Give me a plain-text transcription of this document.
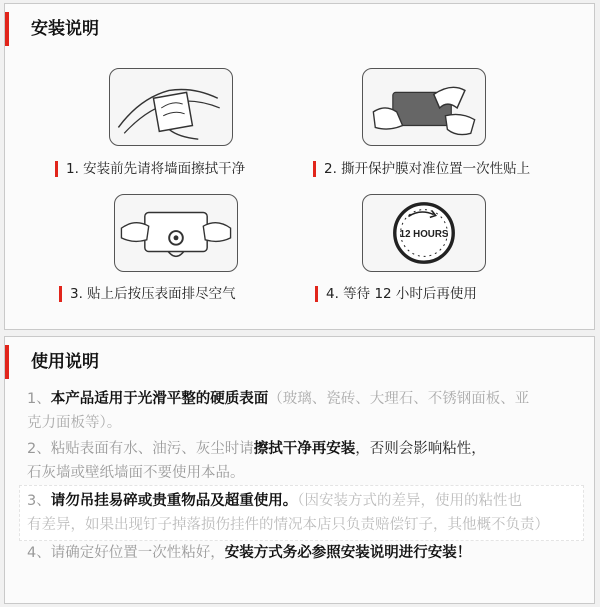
安装说明
1. 安装前先请将墙面擦拭干净	2. 撕开保护膜对准位置一次性贴上
3. 贴上后按压表面排尽空气
12 HOURS
4. 等待 12 小时后再使用
使用说明
1、本产品适用于光滑平整的硬质表面（玻璃、瓷砖、大理石、不锈钢面板、亚
克力面板等）。
2、粘贴表面有水、油污、灰尘时请擦拭干净再安装，否则会影响粘性，
石灰墙或壁纸墙面不要使用本品。
3、请勿吊挂易碎或贵重物品及超重使用。（因安装方式的差异，使用的粘性也
有差异，如果出现钉子掉落损伤挂件的情况本店只负责赔偿钉子，其他概不负责）
4、请确定好位置一次性粘好，安装方式务必参照安装说明进行安装！
